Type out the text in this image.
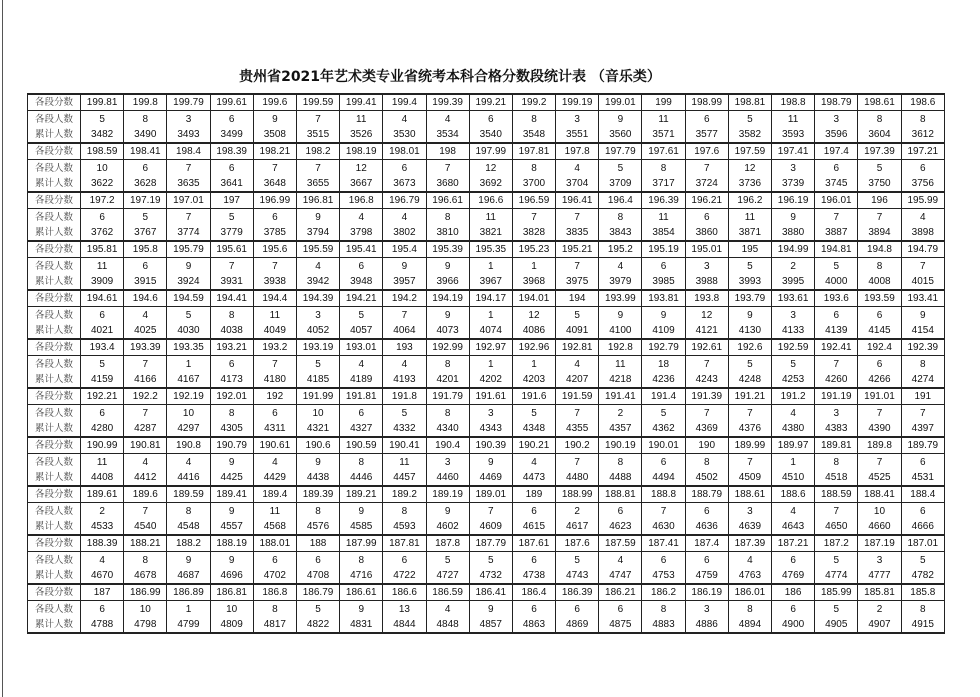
贵州省2021年艺术类专业省统考本科合格分数段统计表 （音乐类）
各段分数	199.81	199.8	199.79	199.61	199.6	199.59	199.41	199.4	199.39	199.21	199.2	199.19	199.01	199	198.99	198.81	198.8	198.79	198.61	198.6
各段人数	5	8	3	6	9	7	11	4	4	6	8	3	9	11	6	5	11	3	8	8
累计人数	3482	3490	3493	3499	3508	3515	3526	3530	3534	3540	3548	3551	3560	3571	3577	3582	3593	3596	3604	3612
各段分数	198.59	198.41	198.4	198.39	198.21	198.2	198.19	198.01	198	197.99	197.81	197.8	197.79	197.61	197.6	197.59	197.41	197.4	197.39	197.21
各段人数	10	6	7	6	7	7	12	6	7	12	8	4	5	8	7	12	3	6	5	6
累计人数	3622	3628	3635	3641	3648	3655	3667	3673	3680	3692	3700	3704	3709	3717	3724	3736	3739	3745	3750	3756
各段分数	197.2	197.19	197.01	197	196.99	196.81	196.8	196.79	196.61	196.6	196.59	196.41	196.4	196.39	196.21	196.2	196.19	196.01	196	195.99
各段人数	6	5	7	5	6	9	4	4	8	11	7	7	8	11	6	11	9	7	7	4
累计人数	3762	3767	3774	3779	3785	3794	3798	3802	3810	3821	3828	3835	3843	3854	3860	3871	3880	3887	3894	3898
各段分数	195.81	195.8	195.79	195.61	195.6	195.59	195.41	195.4	195.39	195.35	195.23	195.21	195.2	195.19	195.01	195	194.99	194.81	194.8	194.79
各段人数	11	6	9	7	7	4	6	9	9	1	1	7	4	6	3	5	2	5	8	7
累计人数	3909	3915	3924	3931	3938	3942	3948	3957	3966	3967	3968	3975	3979	3985	3988	3993	3995	4000	4008	4015
各段分数	194.61	194.6	194.59	194.41	194.4	194.39	194.21	194.2	194.19	194.17	194.01	194	193.99	193.81	193.8	193.79	193.61	193.6	193.59	193.41
各段人数	6	4	5	8	11	3	5	7	9	1	12	5	9	9	12	9	3	6	6	9
累计人数	4021	4025	4030	4038	4049	4052	4057	4064	4073	4074	4086	4091	4100	4109	4121	4130	4133	4139	4145	4154
各段分数	193.4	193.39	193.35	193.21	193.2	193.19	193.01	193	192.99	192.97	192.96	192.81	192.8	192.79	192.61	192.6	192.59	192.41	192.4	192.39
各段人数	5	7	1	6	7	5	4	4	8	1	1	4	11	18	7	5	5	7	6	8
累计人数	4159	4166	4167	4173	4180	4185	4189	4193	4201	4202	4203	4207	4218	4236	4243	4248	4253	4260	4266	4274
各段分数	192.21	192.2	192.19	192.01	192	191.99	191.81	191.8	191.79	191.61	191.6	191.59	191.41	191.4	191.39	191.21	191.2	191.19	191.01	191
各段人数	6	7	10	8	6	10	6	5	8	3	5	7	2	5	7	7	4	3	7	7
累计人数	4280	4287	4297	4305	4311	4321	4327	4332	4340	4343	4348	4355	4357	4362	4369	4376	4380	4383	4390	4397
各段分数	190.99	190.81	190.8	190.79	190.61	190.6	190.59	190.41	190.4	190.39	190.21	190.2	190.19	190.01	190	189.99	189.97	189.81	189.8	189.79
各段人数	11	4	4	9	4	9	8	11	3	9	4	7	8	6	8	7	1	8	7	6
累计人数	4408	4412	4416	4425	4429	4438	4446	4457	4460	4469	4473	4480	4488	4494	4502	4509	4510	4518	4525	4531
各段分数	189.61	189.6	189.59	189.41	189.4	189.39	189.21	189.2	189.19	189.01	189	188.99	188.81	188.8	188.79	188.61	188.6	188.59	188.41	188.4
各段人数	2	7	8	9	11	8	9	8	9	7	6	2	6	7	6	3	4	7	10	6
累计人数	4533	4540	4548	4557	4568	4576	4585	4593	4602	4609	4615	4617	4623	4630	4636	4639	4643	4650	4660	4666
各段分数	188.39	188.21	188.2	188.19	188.01	188	187.99	187.81	187.8	187.79	187.61	187.6	187.59	187.41	187.4	187.39	187.21	187.2	187.19	187.01
各段人数	4	8	9	9	6	6	8	6	5	5	6	5	4	6	6	4	6	5	3	5
累计人数	4670	4678	4687	4696	4702	4708	4716	4722	4727	4732	4738	4743	4747	4753	4759	4763	4769	4774	4777	4782
各段分数	187	186.99	186.89	186.81	186.8	186.79	186.61	186.6	186.59	186.41	186.4	186.39	186.21	186.2	186.19	186.01	186	185.99	185.81	185.8
各段人数	6	10	1	10	8	5	9	13	4	9	6	6	6	8	3	8	6	5	2	8
累计人数	4788	4798	4799	4809	4817	4822	4831	4844	4848	4857	4863	4869	4875	4883	4886	4894	4900	4905	4907	4915
